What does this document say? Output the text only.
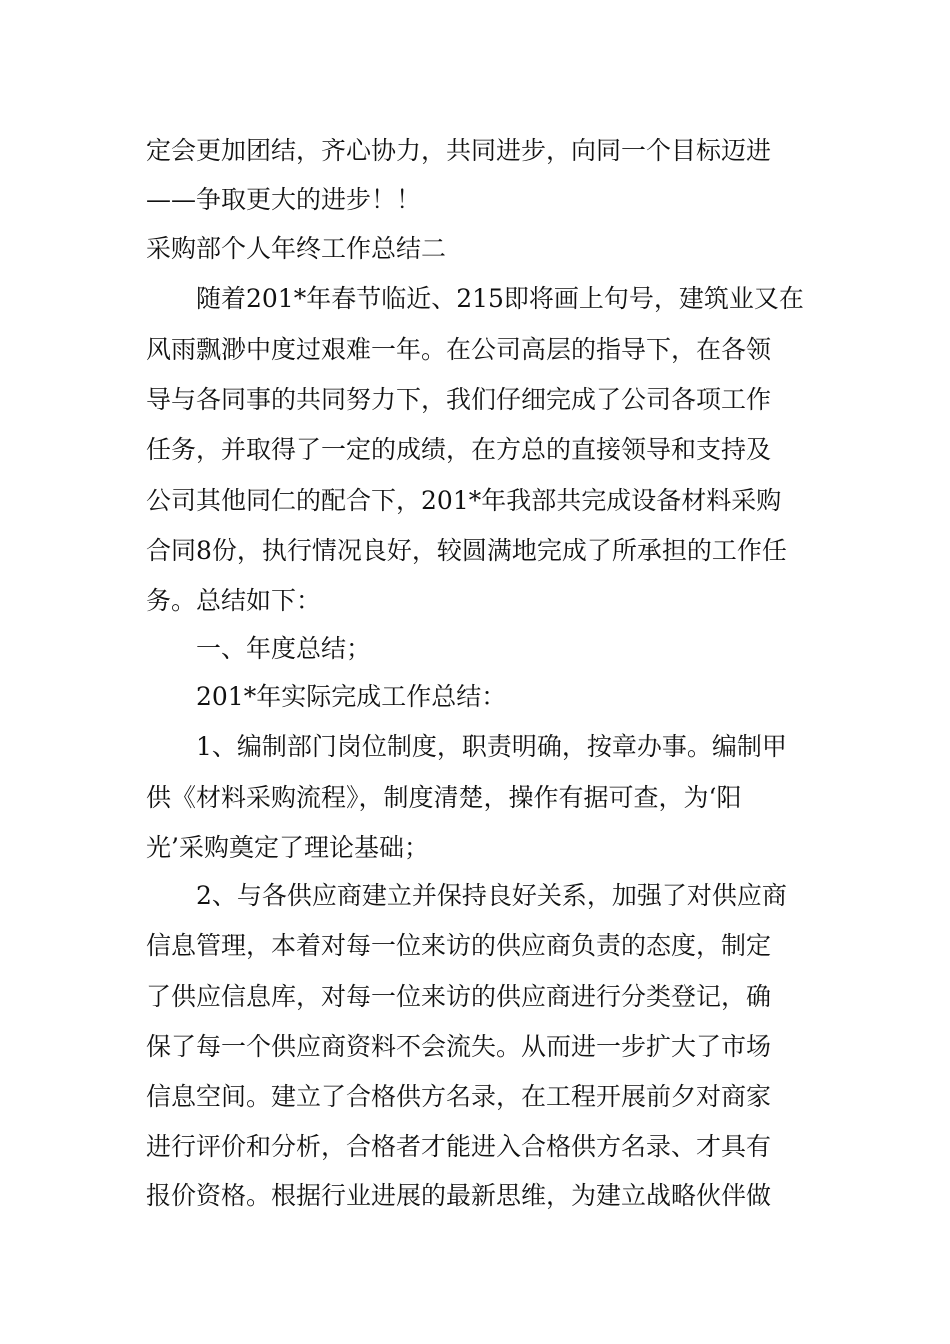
定会更加团结，齐心协力，共同进步，向同一个目标迈进
——争取更大的进步！！
采购部个人年终工作总结二
随着201*年春节临近、215即将画上句号，建筑业又在
风雨飘渺中度过艰难一年。在公司高层的指导下，在各领
导与各同事的共同努力下，我们仔细完成了公司各项工作
任务，并取得了一定的成绩，在方总的直接领导和支持及
公司其他同仁的配合下，201*年我部共完成设备材料采购
合同8份，执行情况良好，较圆满地完成了所承担的工作任
务。总结如下：
一、年度总结；
201*年实际完成工作总结：
1、编制部门岗位制度，职责明确，按章办事。编制甲
供《材料采购流程》，制度清楚，操作有据可查，为‘阳
光’采购奠定了理论基础；
2、与各供应商建立并保持良好关系，加强了对供应商
信息管理，本着对每一位来访的供应商负责的态度，制定
了供应信息库，对每一位来访的供应商进行分类登记，确
保了每一个供应商资料不会流失。从而进一步扩大了市场
信息空间。建立了合格供方名录，在工程开展前夕对商家
进行评价和分析，合格者才能进入合格供方名录、才具有
报价资格。根据行业进展的最新思维，为建立战略伙伴做
